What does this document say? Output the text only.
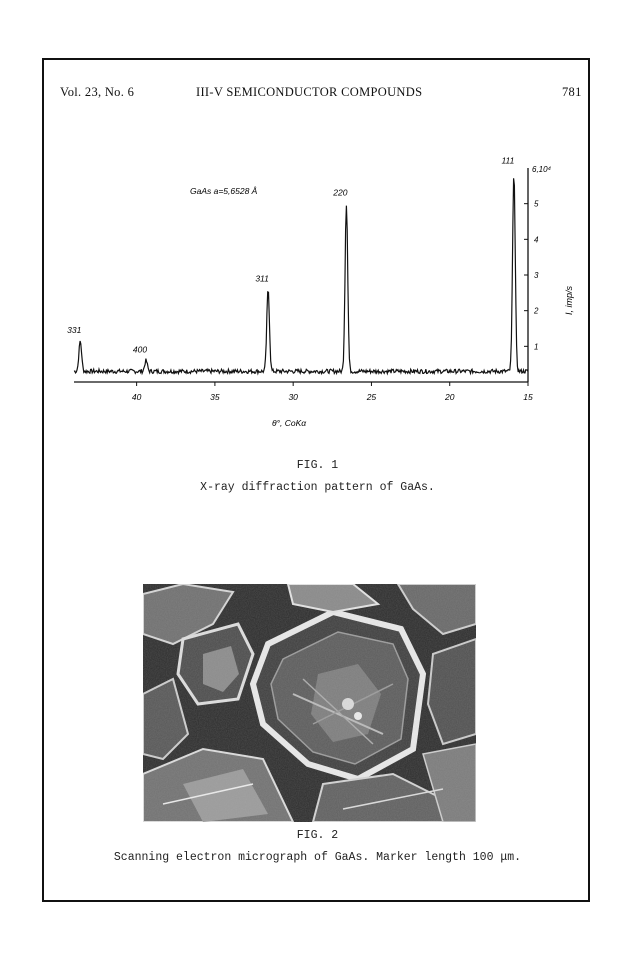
Vol. 23, No. 6	III-V SEMICONDUCTOR COMPOUNDS	781
40	35	30	25	20	15
1
2
3
4
5
6,10⁴
331
400
311
220
111
GaAs a=5,6528 Å
θ°, CoKα
I, imp/s
FIG. 1
X-ray diffraction pattern of GaAs.
FIG. 2
Scanning electron micrograph of GaAs. Marker length 100 μm.
